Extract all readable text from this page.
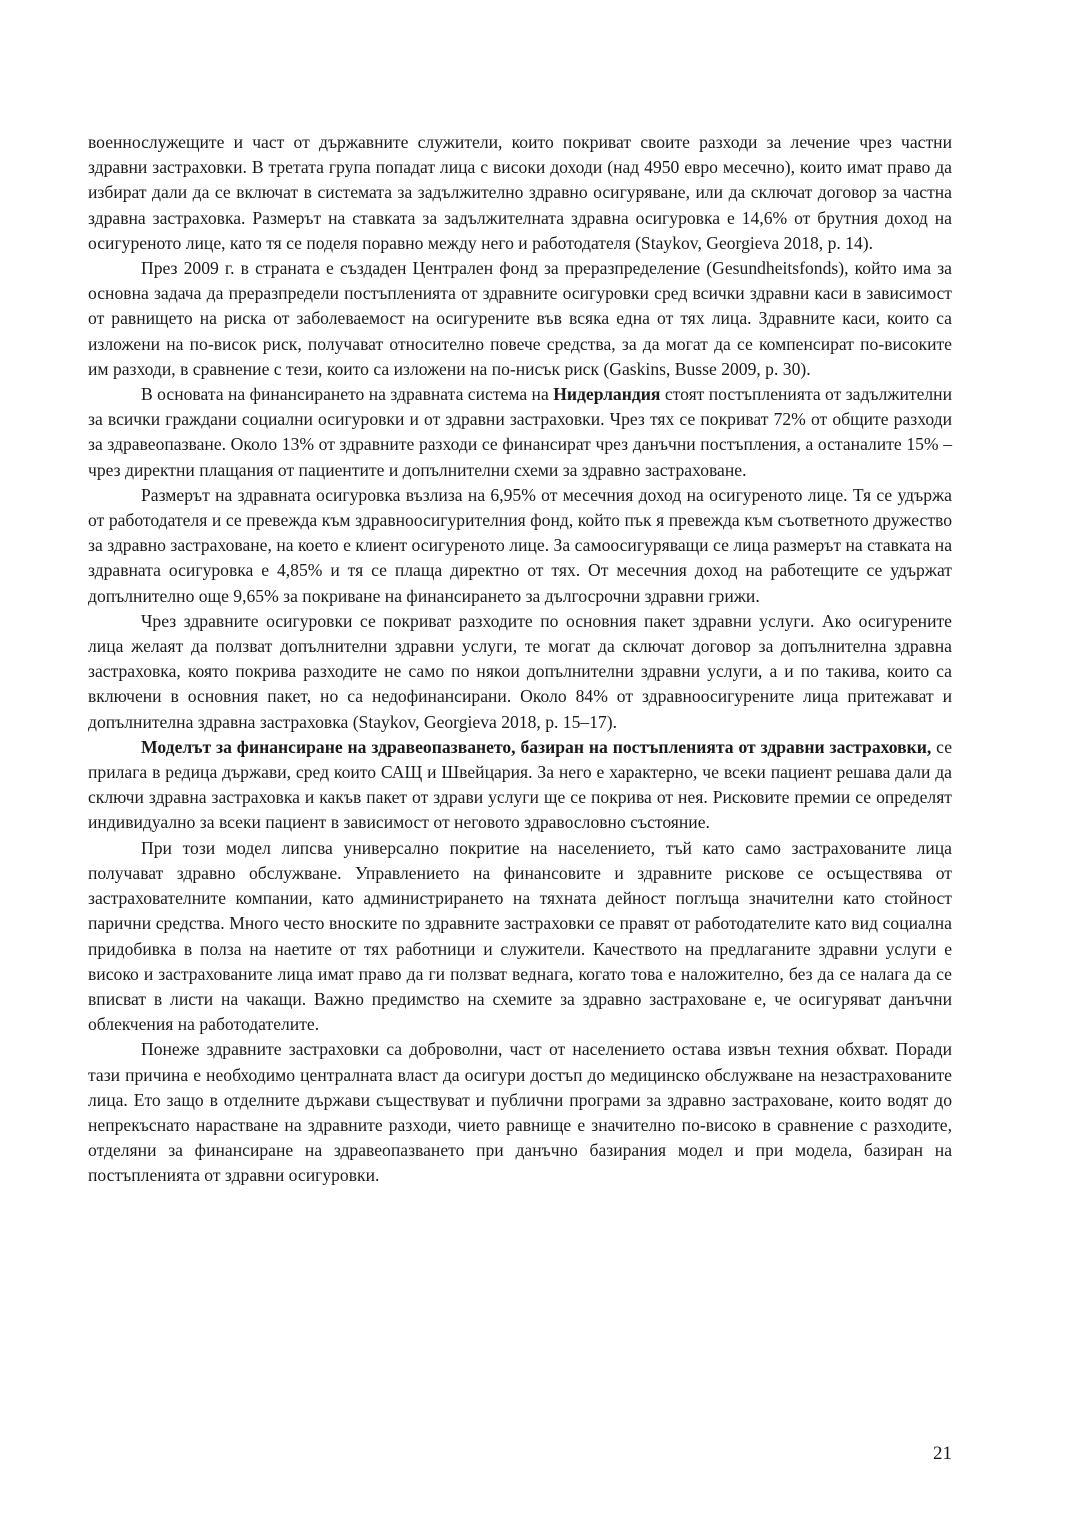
военнослужещите и част от държавните служители, които покриват своите разходи за лечение чрез частни здравни застраховки. В третата група попадат лица с високи доходи (над 4950 евро месечно), които имат право да избират дали да се включат в системата за задължително здравно осигуряване, или да сключат договор за частна здравна застраховка. Размерът на ставката за задължителната здравна осигуровка е 14,6% от брутния доход на осигуреното лице, като тя се поделя поравно между него и работодателя (Staykov, Georgieva 2018, p. 14).

През 2009 г. в страната е създаден Централен фонд за преразпределение (Gesundheitsfonds), който има за основна задача да преразпредели постъпленията от здравните осигуровки сред всички здравни каси в зависимост от равнището на риска от заболеваемост на осигурените във всяка една от тях лица. Здравните каси, които са изложени на по-висок риск, получават относително повече средства, за да могат да се компенсират по-високите им разходи, в сравнение с тези, които са изложени на по-нисък риск (Gaskins, Busse 2009, p. 30).

В основата на финансирането на здравната система на Нидерландия стоят постъпленията от задължителни за всички граждани социални осигуровки и от здравни застраховки. Чрез тях се покриват 72% от общите разходи за здравеопазване. Около 13% от здравните разходи се финансират чрез данъчни постъпления, а останалите 15% – чрез директни плащания от пациентите и допълнителни схеми за здравно застраховане.

Размерът на здравната осигуровка възлиза на 6,95% от месечния доход на осигуреното лице. Тя се удържа от работодателя и се превежда към здравноосигурителния фонд, който пък я превежда към съответното дружество за здравно застраховане, на което е клиент осигуреното лице. За самоосигуряващи се лица размерът на ставката на здравната осигуровка е 4,85% и тя се плаща директно от тях. От месечния доход на работещите се удържат допълнително още 9,65% за покриване на финансирането за дългосрочни здравни грижи.

Чрез здравните осигуровки се покриват разходите по основния пакет здравни услуги. Ако осигурените лица желаят да ползват допълнителни здравни услуги, те могат да сключат договор за допълнителна здравна застраховка, която покрива разходите не само по някои допълнителни здравни услуги, а и по такива, които са включени в основния пакет, но са недофинансирани. Около 84% от здравноосигурените лица притежават и допълнителна здравна застраховка (Staykov, Georgieva 2018, p. 15–17).

Моделът за финансиране на здравеопазването, базиран на постъпленията от здравни застраховки, се прилага в редица държави, сред които САЩ и Швейцария. За него е характерно, че всеки пациент решава дали да сключи здравна застраховка и какъв пакет от здрави услуги ще се покрива от нея. Рисковите премии се определят индивидуално за всеки пациент в зависимост от неговото здравословно състояние.

При този модел липсва универсално покритие на населението, тъй като само застрахованите лица получават здравно обслужване. Управлението на финансовите и здравните рискове се осъществява от застрахователните компании, като администрирането на тяхната дейност поглъща значителни като стойност парични средства. Много често вноските по здравните застраховки се правят от работодателите като вид социална придобивка в полза на наетите от тях работници и служители. Качеството на предлаганите здравни услуги е високо и застрахованите лица имат право да ги ползват веднага, когато това е наложително, без да се налага да се вписват в листи на чакащи. Важно предимство на схемите за здравно застраховане е, че осигуряват данъчни облекчения на работодателите.

Понеже здравните застраховки са доброволни, част от населението остава извън техния обхват. Поради тази причина е необходимо централната власт да осигури достъп до медицинско обслужване на незастрахованите лица. Ето защо в отделните държави съществуват и публични програми за здравно застраховане, които водят до непрекъснато нарастване на здравните разходи, чието равнище е значително по-високо в сравнение с разходите, отделяни за финансиране на здравеопазването при данъчно базирания модел и при модела, базиран на постъпленията от здравни осигуровки.

21
